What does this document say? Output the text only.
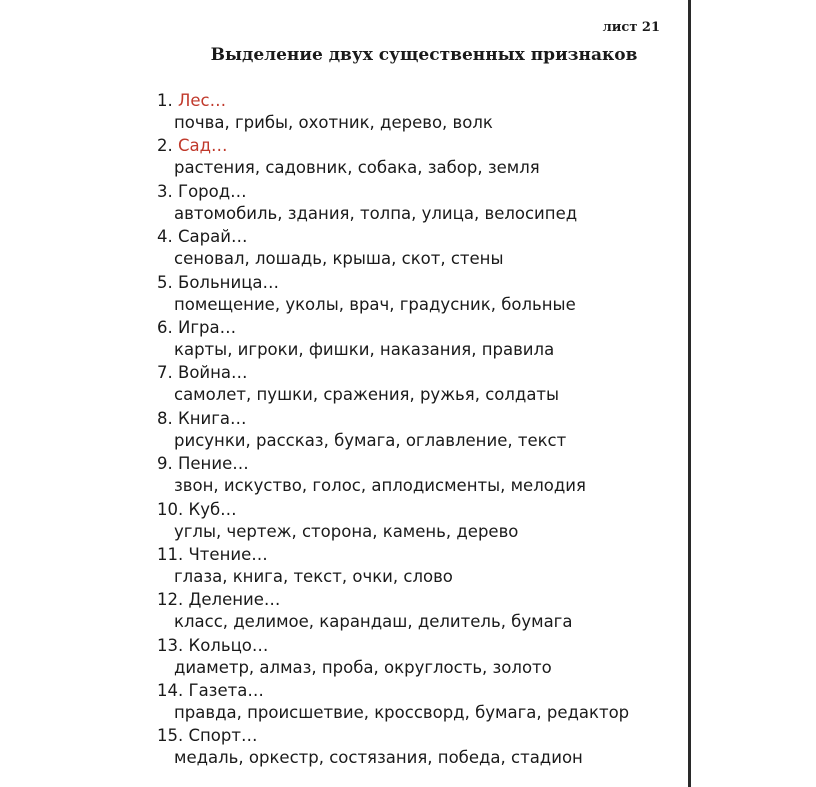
лист 21
Выделение двух существенных признаков
1. Лес…
почва, грибы, охотник, дерево, волк
2. Сад…
растения, садовник, собака, забор, земля
3. Город…
автомобиль, здания, толпа, улица, велосипед
4. Сарай…
сеновал, лошадь, крыша, скот, стены
5. Больница…
помещение, уколы, врач, градусник, больные
6. Игра…
карты, игроки, фишки, наказания, правила
7. Война…
самолет, пушки, сражения, ружья, солдаты
8. Книга…
рисунки, рассказ, бумага, оглавление, текст
9. Пение…
звон, искуство, голос, аплодисменты, мелодия
10. Куб…
углы, чертеж, сторона, камень, дерево
11. Чтение…
глаза, книга, текст, очки, слово
12. Деление…
класс, делимое, карандаш, делитель, бумага
13. Кольцо…
диаметр, алмаз, проба, округлость, золото
14. Газета…
правда, происшетвие, кроссворд, бумага, редактор
15. Спорт…
медаль, оркестр, состязания, победа, стадион
